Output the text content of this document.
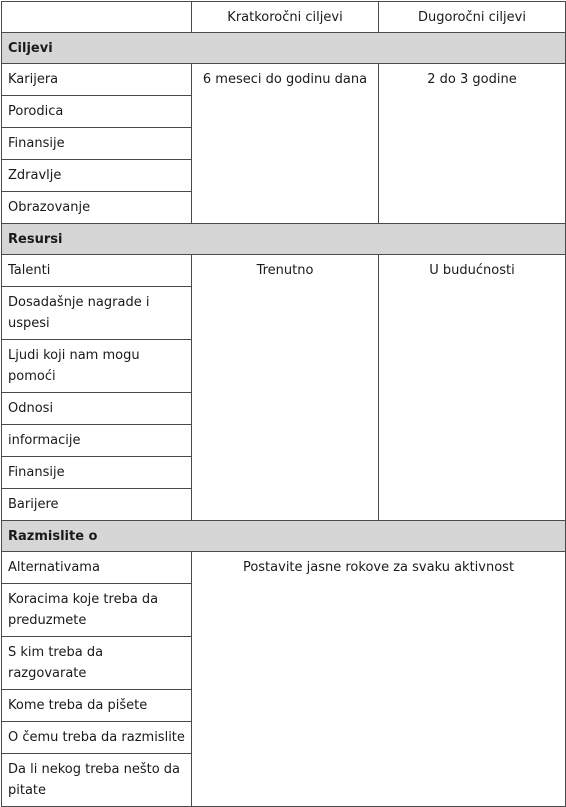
	Kratkoročni ciljevi	Dugoročni ciljevi
Ciljevi		
Karijera	6 meseci do godinu dana	2 do 3 godine
Porodica		
Finansije		
Zdravlje		
Obrazovanje		
Resursi		
Talenti	Trenutno	U budućnosti
Dosadašnje nagrade i uspesi		
Ljudi koji nam mogu pomoći		
Odnosi		
informacije		
Finansije		
Barijere		
Razmislite o		
Alternativama	Postavite jasne rokove za svaku aktivnost	
Koracima koje treba da preduzmete		
S kim treba da razgovarate		
Kome treba da pišete		
O čemu treba da razmislite		
Da li nekog treba nešto da pitate		
